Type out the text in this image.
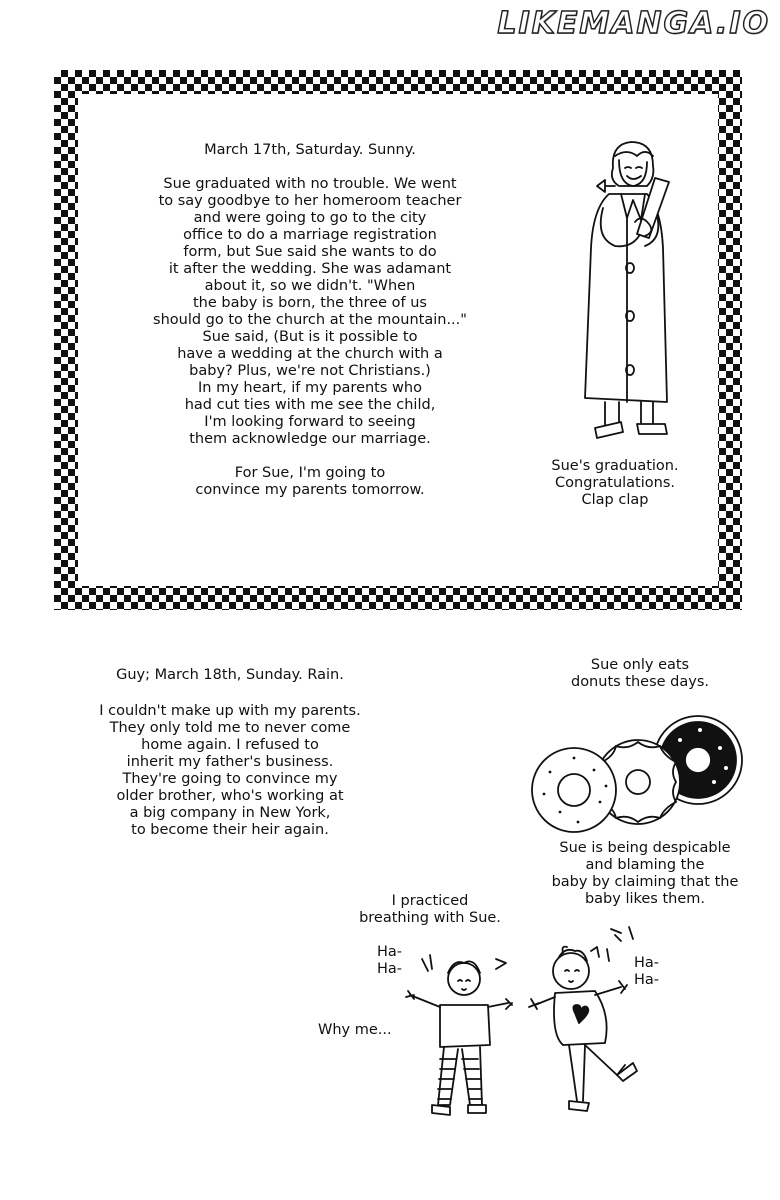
LIKEMANGA.IO

March 17th, Saturday. Sunny.

Sue graduated with no trouble. We went

to say goodbye to her homeroom teacher

and were going to go to the city

office to do a marriage registration

form, but Sue said she wants to do

it after the wedding. She was adamant

about it, so we didn't. "When

the baby is born, the three of us

should go to the church at the mountain..."

Sue said, (But is it possible to

have a wedding at the church with a

baby? Plus, we're not Christians.)

In my heart, if my parents who

had cut ties with me see the child,

I'm looking forward to seeing

them acknowledge our marriage.

For Sue, I'm going to

convince my parents tomorrow.

Sue's graduation.

Congratulations.

Clap clap

Guy; March 18th, Sunday. Rain.

I couldn't make up with my parents.

They only told me to never come

home again. I refused to

inherit my father's business.

They're going to convince my

older brother, who's working at

a big company in New York,

to become their heir again.

Sue only eats

donuts these days.

Sue is being despicable

and blaming the

baby by claiming that the

baby likes them.

I practiced

breathing with Sue.

Ha-

Ha-	Ha-

Ha-

Why me...
